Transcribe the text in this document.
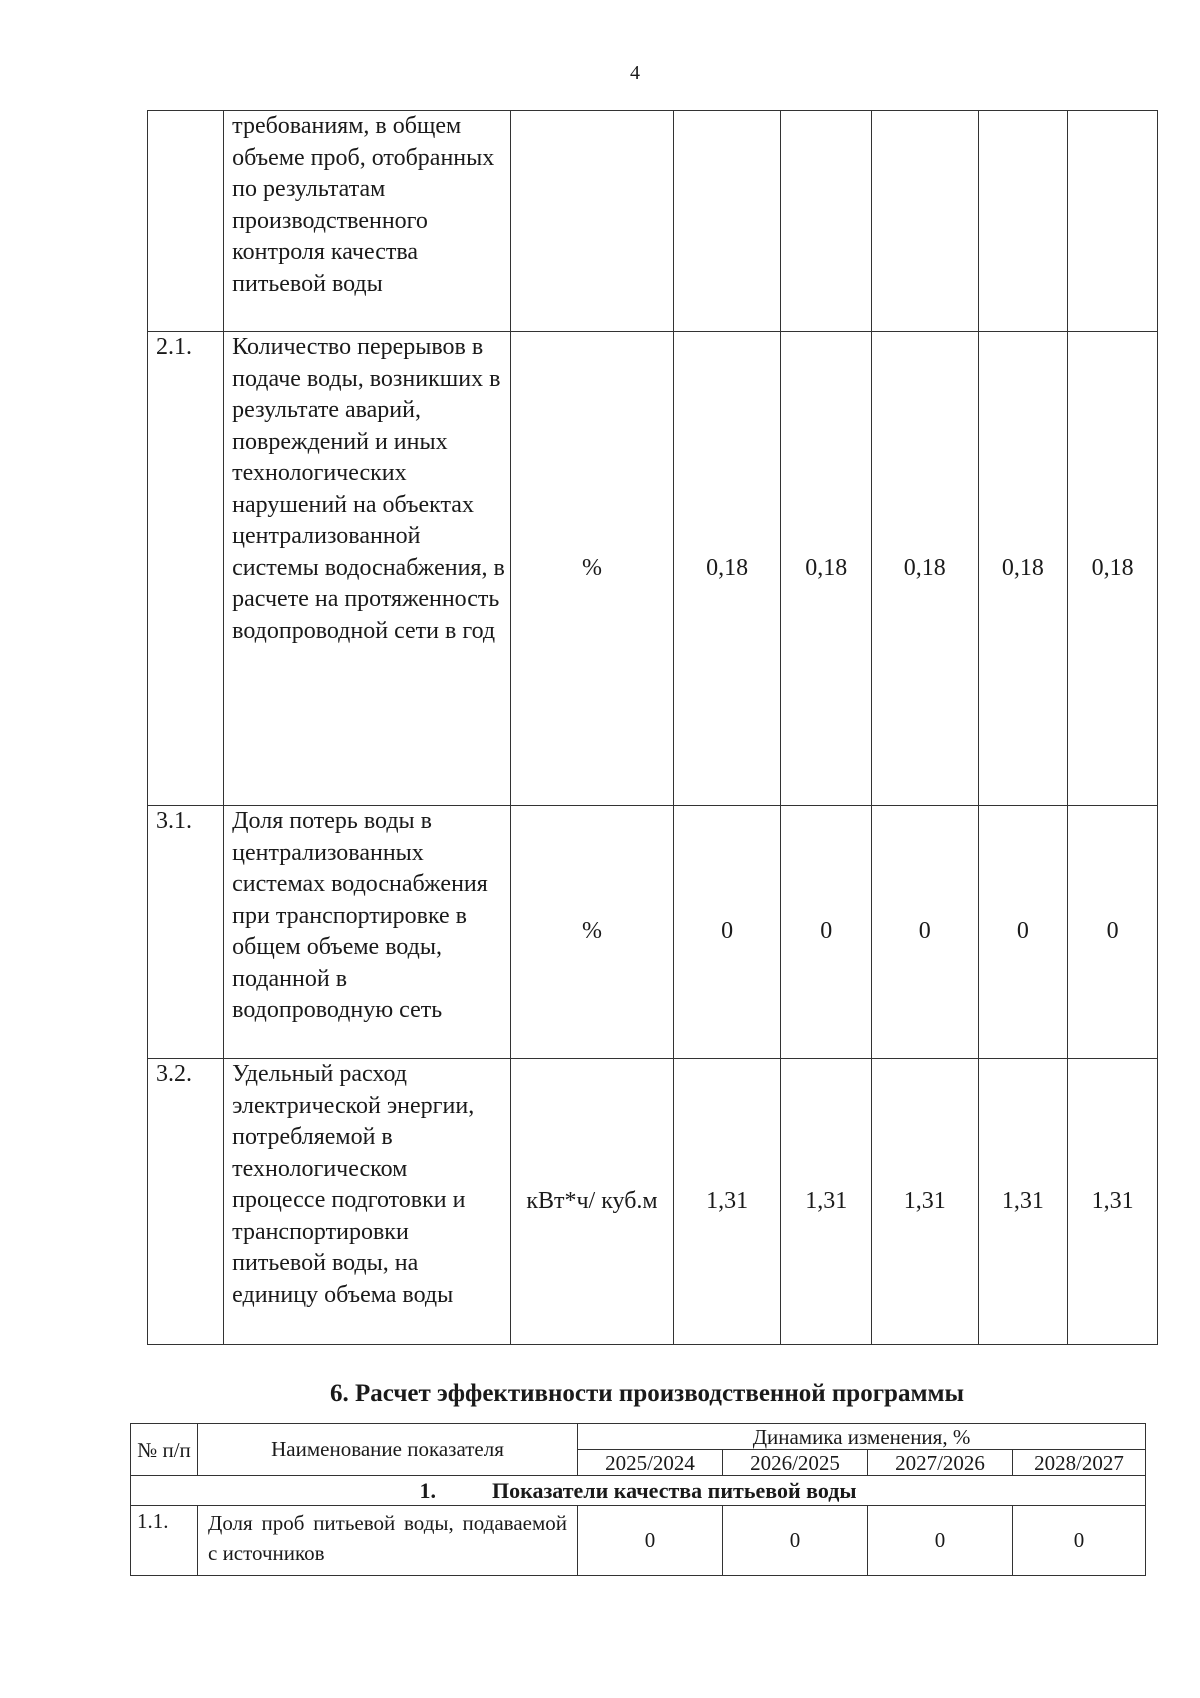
4
	требованиям, в общем объеме проб, отобранных по результатам производственного контроля качества питьевой воды						
2.1.	Количество перерывов в подаче воды, возникших в результате аварий, повреждений и иных технологических нарушений на объектах централизованной системы водоснабжения, в расчете на протяженность водопроводной сети в год	%	0,18	0,18	0,18	0,18	0,18
3.1.	Доля потерь воды в централизованных системах водоснабжения при транспортировке в общем объеме воды, поданной в водопроводную сеть	%	0	0	0	0	0
3.2.	Удельный расход электрической энергии, потребляемой в технологическом процессе подготовки и транспортировки питьевой воды, на единицу объема воды	кВт*ч/ куб.м	1,31	1,31	1,31	1,31	1,31
6. Расчет эффективности производственной программы
№ п/п	Наименование показателя	Динамика изменения, %			
		2025/2024	2026/2025	2027/2026	2028/2027
1. Показатели качества питьевой воды					
1.1.	Доля проб питьевой воды, подаваемой с источников	0	0	0	0
